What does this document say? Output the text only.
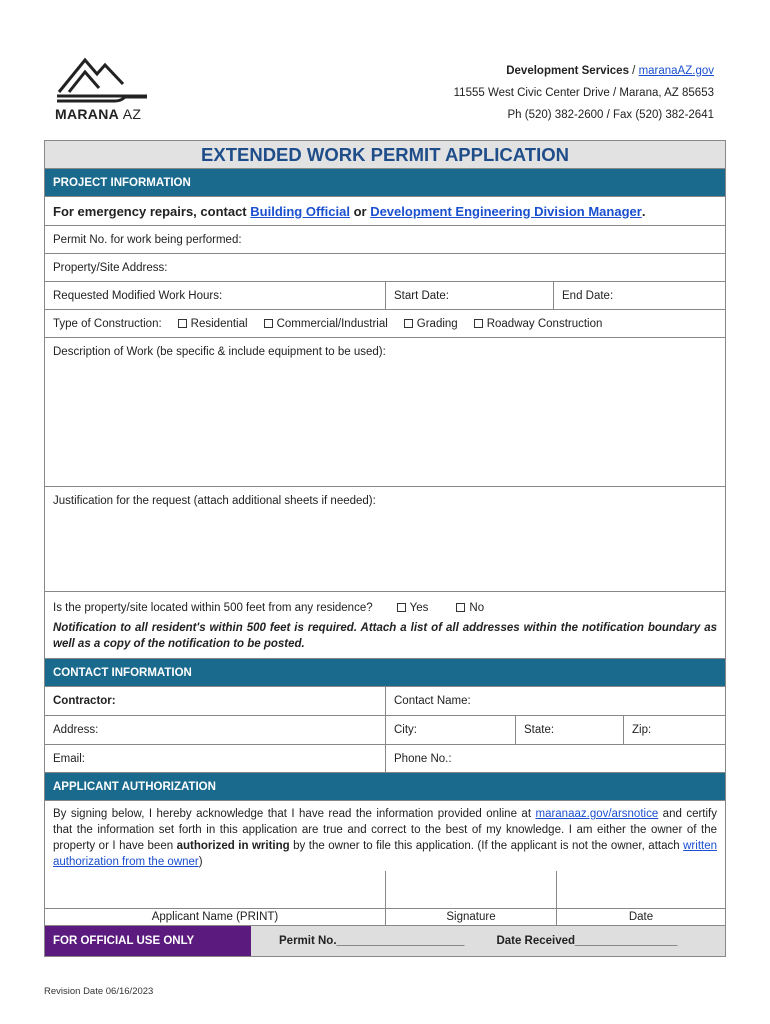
MARANA AZ
Development Services / maranaAZ.gov
11555 West Civic Center Drive / Marana, AZ 85653
Ph (520) 382-2600 / Fax (520) 382-2641
EXTENDED WORK PERMIT APPLICATION
PROJECT INFORMATION
For emergency repairs, contact
Building Official
or
Development Engineering Division Manager .
Permit No. for work being performed:
Property/Site Address:
Requested Modified Work Hours:	Start Date:	End Date:
Type of Construction:	Residential	Commercial/Industrial	Grading	Roadway Construction
Description of Work (be specific & include equipment to be used):
Justification for the request (attach additional sheets if needed):
Is the property/site located within 500 feet from any residence?	Yes	No
Notification to all resident's within 500 feet is required. Attach a list of all addresses within the notification boundary as well as a copy of the notification to be posted.
CONTACT INFORMATION
Contractor:	Contact Name:
Address:	City:	State:	Zip:
Email:	Phone No.:
APPLICANT AUTHORIZATION
By signing below, I hereby acknowledge that I have read the information provided online at maranaaz.gov/arsnotice and certify that the information set forth in this application are true and correct to the best of my knowledge. I am either the owner of the property or I have been authorized in writing by the owner to file this application. (If the applicant is not the owner, attach written authorization from the owner)
Applicant Name (PRINT)	Signature	Date
FOR OFFICIAL USE ONLY	Permit No.____________________	Date Received________________
Revision Date 06/16/2023
